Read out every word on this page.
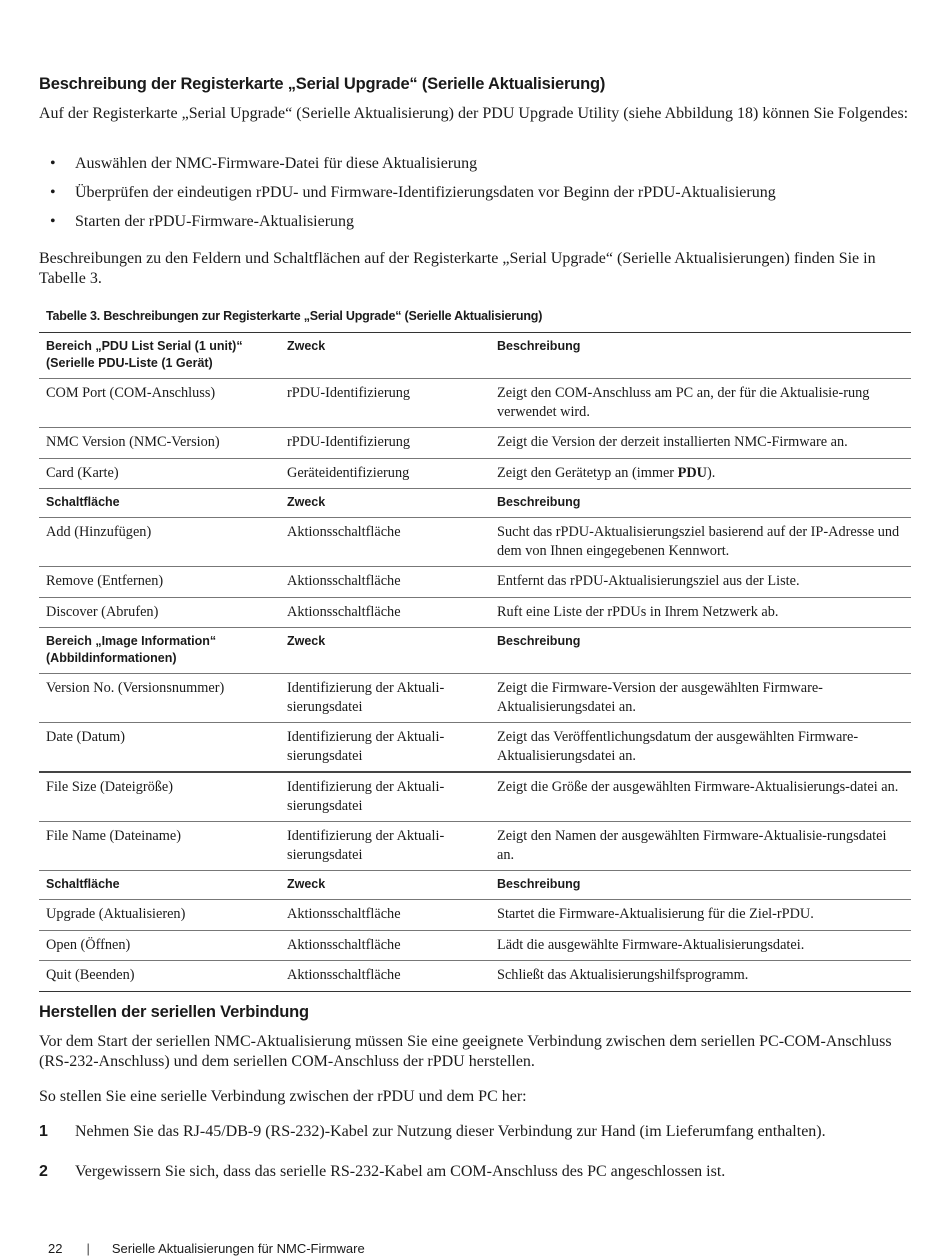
Beschreibung der Registerkarte „Serial Upgrade“ (Serielle Aktualisierung)

Auf der Registerkarte „Serial Upgrade“ (Serielle Aktualisierung) der PDU Upgrade Utility (siehe Abbildung 18) können Sie Folgendes:

• Auswählen der NMC-Firmware-Datei für diese Aktualisierung
• Überprüfen der eindeutigen rPDU- und Firmware-Identifizierungsdaten vor Beginn der rPDU-Aktualisierung
• Starten der rPDU-Firmware-Aktualisierung

Beschreibungen zu den Feldern und Schaltflächen auf der Registerkarte „Serial Upgrade“ (Serielle Aktualisierungen) finden Sie in Tabelle 3.

Tabelle 3. Beschreibungen zur Registerkarte „Serial Upgrade“ (Serielle Aktualisierung)
Bereich „PDU List Serial (1 unit)“ (Serielle PDU-Liste (1 Gerät)	Zweck	Beschreibung
COM Port (COM-Anschluss)	rPDU-Identifizierung	Zeigt den COM-Anschluss am PC an, der für die Aktualisie-rung verwendet wird.
NMC Version (NMC-Version)	rPDU-Identifizierung	Zeigt die Version der derzeit installierten NMC-Firmware an.
Card (Karte)	Geräteidentifizierung	Zeigt den Gerätetyp an (immer PDU).
Schaltfläche	Zweck	Beschreibung
Add (Hinzufügen)	Aktionsschaltfläche	Sucht das rPDU-Aktualisierungsziel basierend auf der IP-Adresse und dem von Ihnen eingegebenen Kennwort.
Remove (Entfernen)	Aktionsschaltfläche	Entfernt das rPDU-Aktualisierungsziel aus der Liste.
Discover (Abrufen)	Aktionsschaltfläche	Ruft eine Liste der rPDUs in Ihrem Netzwerk ab.
Bereich „Image Information“ (Abbildinformationen)	Zweck	Beschreibung
Version No. (Versionsnummer)	Identifizierung der Aktuali-sierungsdatei	Zeigt die Firmware-Version der ausgewählten Firmware-Aktualisierungsdatei an.
Date (Datum)	Identifizierung der Aktuali-sierungsdatei	Zeigt das Veröffentlichungsdatum der ausgewählten Firmware-Aktualisierungsdatei an.
File Size (Dateigröße)	Identifizierung der Aktuali-sierungsdatei	Zeigt die Größe der ausgewählten Firmware-Aktualisierungs-datei an.
File Name (Dateiname)	Identifizierung der Aktuali-sierungsdatei	Zeigt den Namen der ausgewählten Firmware-Aktualisie-rungsdatei an.
Schaltfläche	Zweck	Beschreibung
Upgrade (Aktualisieren)	Aktionsschaltfläche	Startet die Firmware-Aktualisierung für die Ziel-rPDU.
Open (Öffnen)	Aktionsschaltfläche	Lädt die ausgewählte Firmware-Aktualisierungsdatei.
Quit (Beenden)	Aktionsschaltfläche	Schließt das Aktualisierungshilfsprogramm.
Herstellen der seriellen Verbindung

Vor dem Start der seriellen NMC-Aktualisierung müssen Sie eine geeignete Verbindung zwischen dem seriellen PC-COM-Anschluss (RS-232-Anschluss) und dem seriellen COM-Anschluss der rPDU herstellen.

So stellen Sie eine serielle Verbindung zwischen der rPDU und dem PC her:

1 Nehmen Sie das RJ-45/DB-9 (RS-232)-Kabel zur Nutzung dieser Verbindung zur Hand (im Lieferumfang enthalten).
2 Vergewissern Sie sich, dass das serielle RS-232-Kabel am COM-Anschluss des PC angeschlossen ist.
22 | Serielle Aktualisierungen für NMC-Firmware
